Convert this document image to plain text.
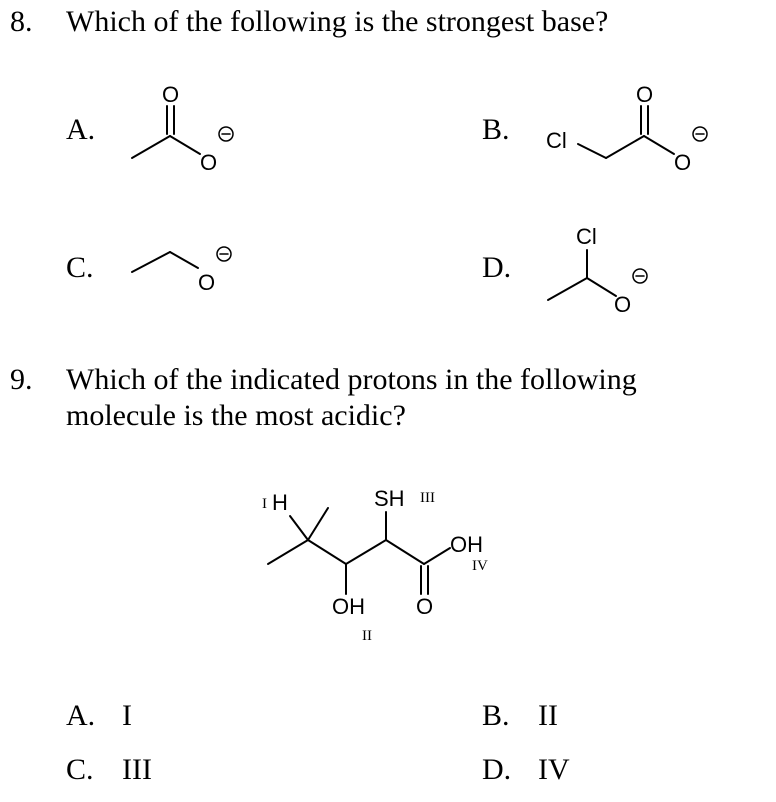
8. Which of the following is the strongest base?
A.
O
O
B. Cl
O
O
C.	O	D.
Cl
O
9. Which of the indicated protons in the following
molecule is the most acidic?
I H
OH
II
SH III
O
OH
IV
A. I	B. II
C. III	D. IV
